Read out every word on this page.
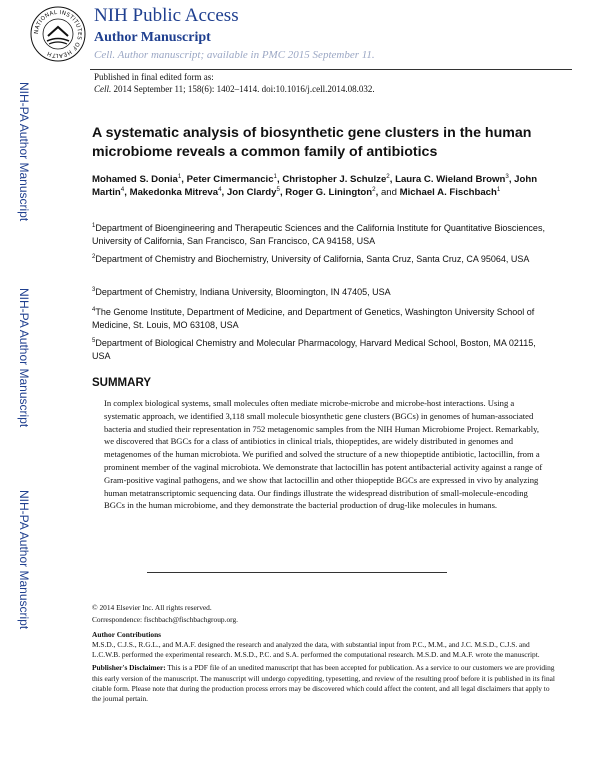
NATIONAL INSTITUTES OF HEALTH
NIH Public Access
Author Manuscript
Cell. Author manuscript; available in PMC 2015 September 11.
Published in final edited form as:
Cell. 2014 September 11; 158(6): 1402–1414. doi:10.1016/j.cell.2014.08.032.
NIH-PA Author Manuscript
NIH-PA Author Manuscript
NIH-PA Author Manuscript
A systematic analysis of biosynthetic gene clusters in the human microbiome reveals a common family of antibiotics
Mohamed S. Donia$^1$, Peter Cimermancic$^1$, Christopher J. Schulze$^2$, Laura C. Wieland Brown$^3$, John Martin$^4$, Makedonka Mitreva$^4$, Jon Clardy$^5$, Roger G. Linington$^2$, and Michael A. Fischbach$^1$
$^1$Department of Bioengineering and Therapeutic Sciences and the California Institute for Quantitative Biosciences, University of California, San Francisco, San Francisco, CA 94158, USA
$^2$Department of Chemistry and Biochemistry, University of California, Santa Cruz, Santa Cruz, CA 95064, USA
$^3$Department of Chemistry, Indiana University, Bloomington, IN 47405, USA
$^4$The Genome Institute, Department of Medicine, and Department of Genetics, Washington University School of Medicine, St. Louis, MO 63108, USA
$^5$Department of Biological Chemistry and Molecular Pharmacology, Harvard Medical School, Boston, MA 02115, USA
SUMMARY
In complex biological systems, small molecules often mediate microbe-microbe and microbe-host interactions. Using a systematic approach, we identified 3,118 small molecule biosynthetic gene clusters (BGCs) in genomes of human-associated bacteria and studied their representation in 752 metagenomic samples from the NIH Human Microbiome Project. Remarkably, we discovered that BGCs for a class of antibiotics in clinical trials, thiopeptides, are widely distributed in genomes and metagenomes of the human microbiota. We purified and solved the structure of a new thiopeptide antibiotic, lactocillin, from a prominent member of the vaginal microbiota. We demonstrate that lactocillin has potent antibacterial activity against a range of Gram-positive vaginal pathogens, and we show that lactocillin and other thiopeptide BGCs are expressed in vivo by analyzing human metatranscriptomic sequencing data. Our findings illustrate the widespread distribution of small-molecule-encoding BGCs in the human microbiome, and they demonstrate the bacterial production of drug-like molecules in humans.

© 2014 Elsevier Inc. All rights reserved.

Correspondence: fischbach@fischbachgroup.org.

Author Contributions

M.S.D., C.J.S., R.G.L., and M.A.F. designed the research and analyzed the data, with substantial input from P.C., M.M., and J.C. M.S.D., C.J.S. and L.C.W.B. performed the experimental research. M.S.D., P.C. and S.A. performed the computational research. M.S.D. and M.A.F. wrote the manuscript.

Publisher's Disclaimer: This is a PDF file of an unedited manuscript that has been accepted for publication. As a service to our customers we are providing this early version of the manuscript. The manuscript will undergo copyediting, typesetting, and review of the resulting proof before it is published in its final citable form. Please note that during the production process errors may be discovered which could affect the content, and all legal disclaimers that apply to the journal pertain.
